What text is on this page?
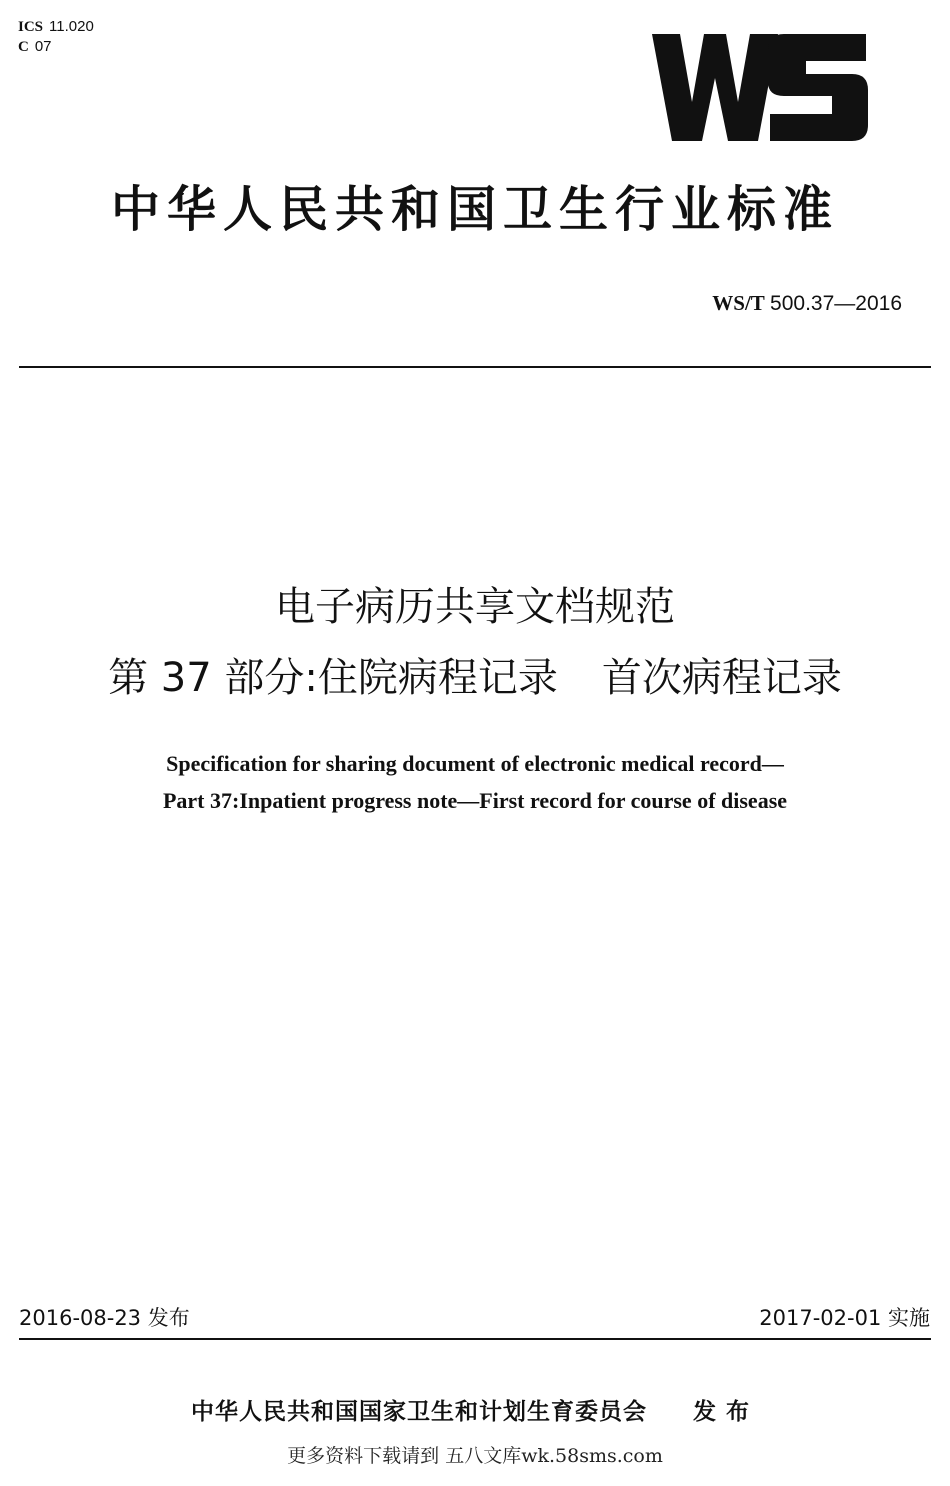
ICS 11.020
C 07
中华人民共和国卫生行业标准
WS/T 500.37—2016
电子病历共享文档规范
第 37 部分:住院病程记录 首次病程记录
Specification for sharing document of electronic medical record—
Part 37:Inpatient progress note—First record for course of disease
2016-08-23 发布	2017-02-01 实施
中华人民共和国国家卫生和计划生育委员会 发布
更多资料下载请到 五八文库wk.58sms.com
